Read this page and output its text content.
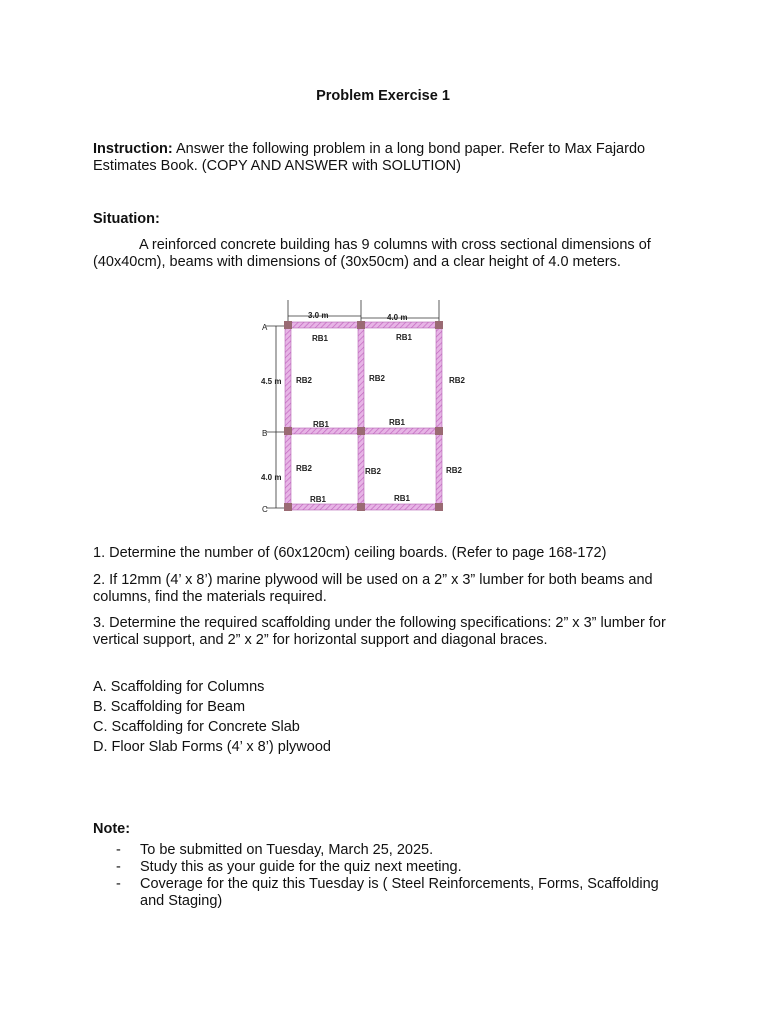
Problem Exercise 1
Instruction: Answer the following problem in a long bond paper. Refer to Max Fajardo Estimates Book. (COPY AND ANSWER with SOLUTION)
Situation:
A reinforced concrete building has 9 columns with cross sectional dimensions of (40x40cm), beams with dimensions of (30x50cm) and a clear height of 4.0 meters.
3.0 m	4.0 m
4.5 m
4.0 m
A
B
C
RB1	RB1
RB2	RB2	RB2
RB1	RB1
RB2	RB2	RB2
RB1	RB1
1. Determine the number of (60x120cm) ceiling boards. (Refer to page 168-172)
2. If 12mm (4’ x 8’) marine plywood will be used on a 2” x 3” lumber for both beams and columns, find the materials required.
3. Determine the required scaffolding under the following specifications: 2” x 3” lumber for vertical support, and 2” x 2” for horizontal support and diagonal braces.
A. Scaffolding for Columns
B. Scaffolding for Beam
C. Scaffolding for Concrete Slab
D. Floor Slab Forms (4’ x 8’) plywood
Note:
- To be submitted on Tuesday, March 25, 2025.
- Study this as your guide for the quiz next meeting.
- Coverage for the quiz this Tuesday is ( Steel Reinforcements, Forms, Scaffolding and Staging)
